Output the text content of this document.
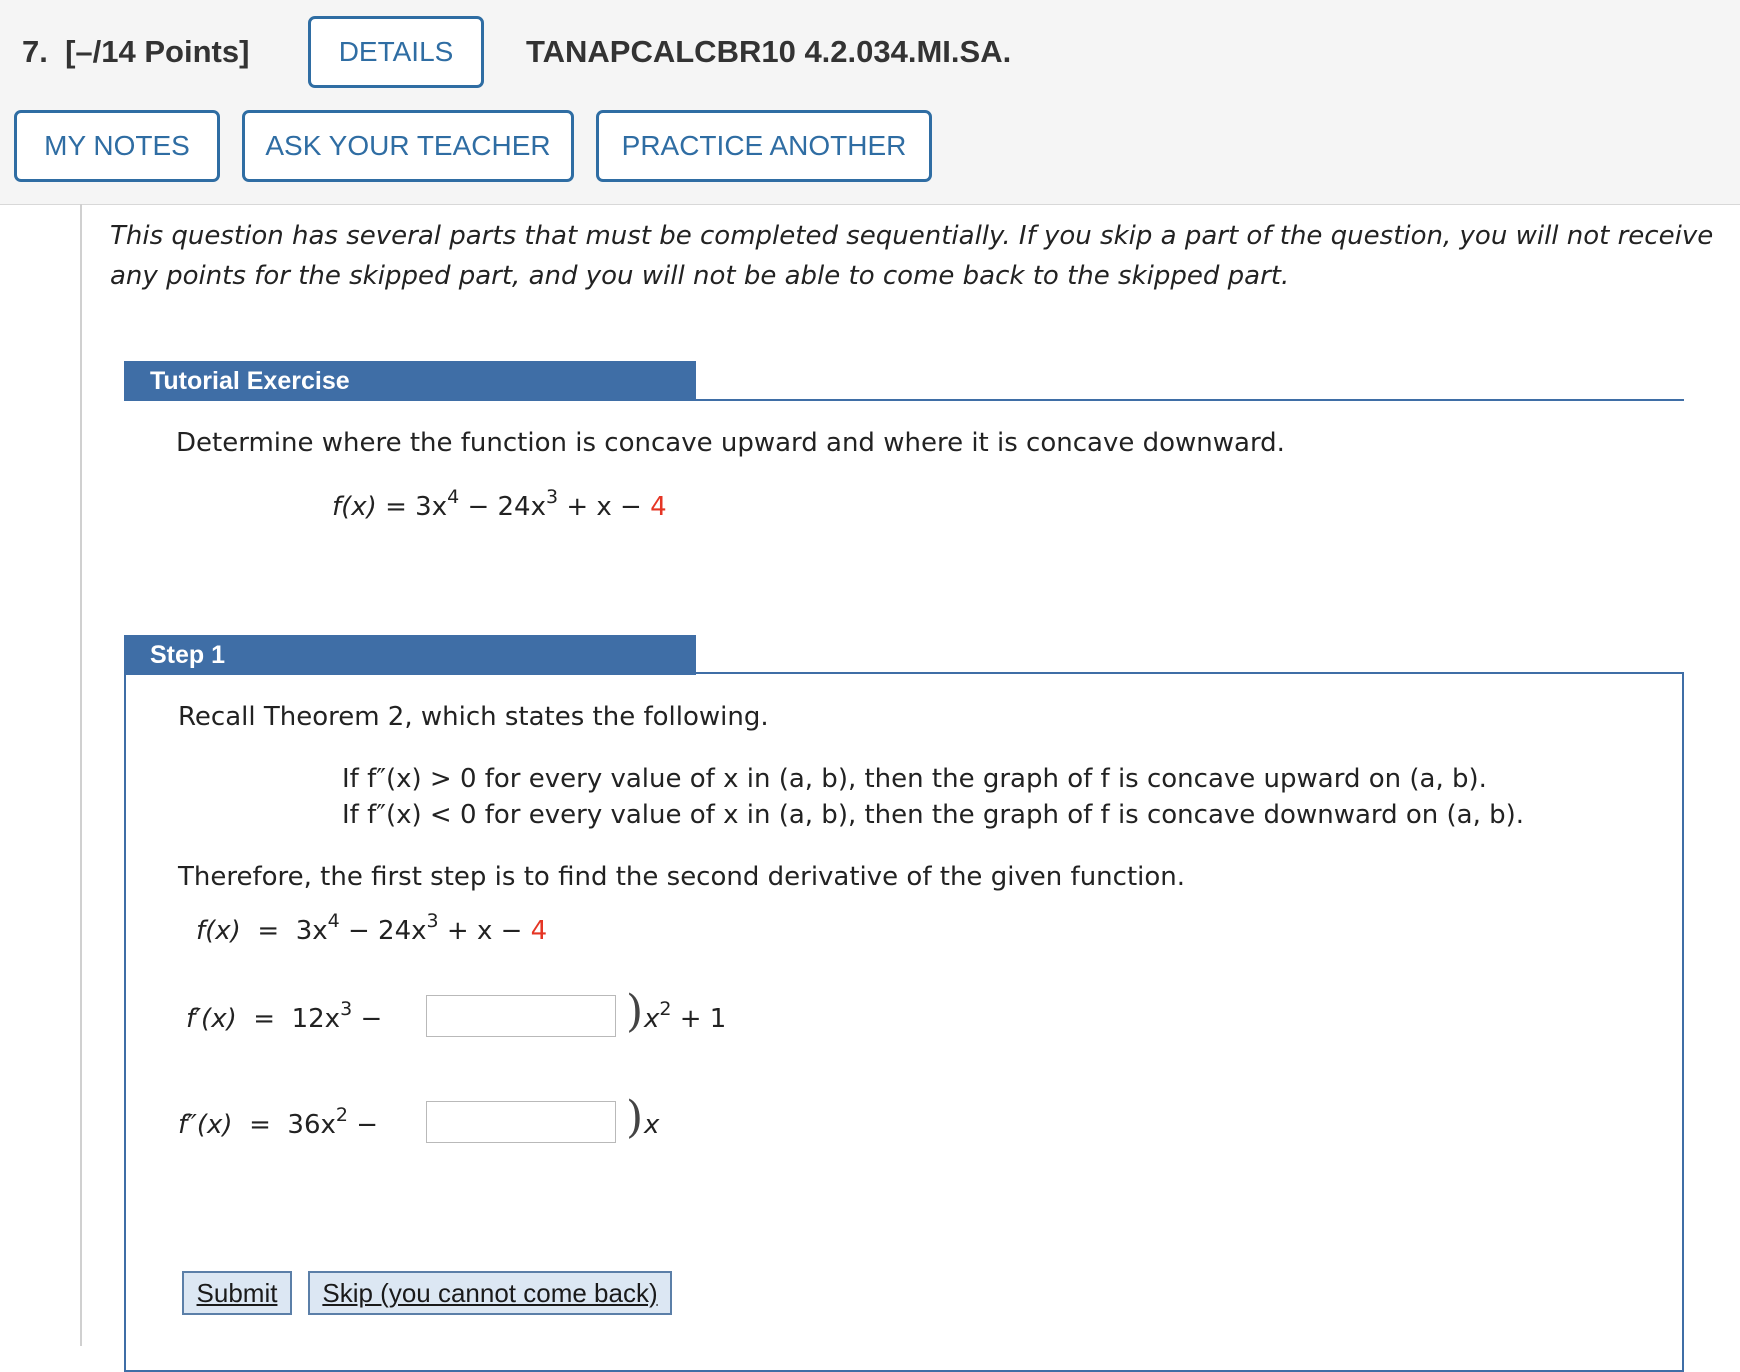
7. [–/14 Points]	DETAILS	TANAPCALCBR10 4.2.034.MI.SA.
MY NOTES	ASK YOUR TEACHER	PRACTICE ANOTHER
This question has several parts that must be completed sequentially. If you skip a part of the question, you will not receive any points for the skipped part, and you will not be able to come back to the skipped part.
Tutorial Exercise
Determine where the function is concave upward and where it is concave downward.
$f(x) = 3x^4 - 24x^3 + x - 4$
Step 1
Recall Theorem 2, which states the following.
If f″(x) > 0 for every value of x in (a, b), then the graph of f is concave upward on (a, b).
If f″(x) < 0 for every value of x in (a, b), then the graph of f is concave downward on (a, b).
Therefore, the first step is to find the second derivative of the given function.
$f(x) = 3x^4 - 24x^3 + x - 4$
$f'(x) = 12x^3$ −	) $x^2 + 1$
$f''(x) = 36x^2$ −	) x
Submit	Skip (you cannot come back)
